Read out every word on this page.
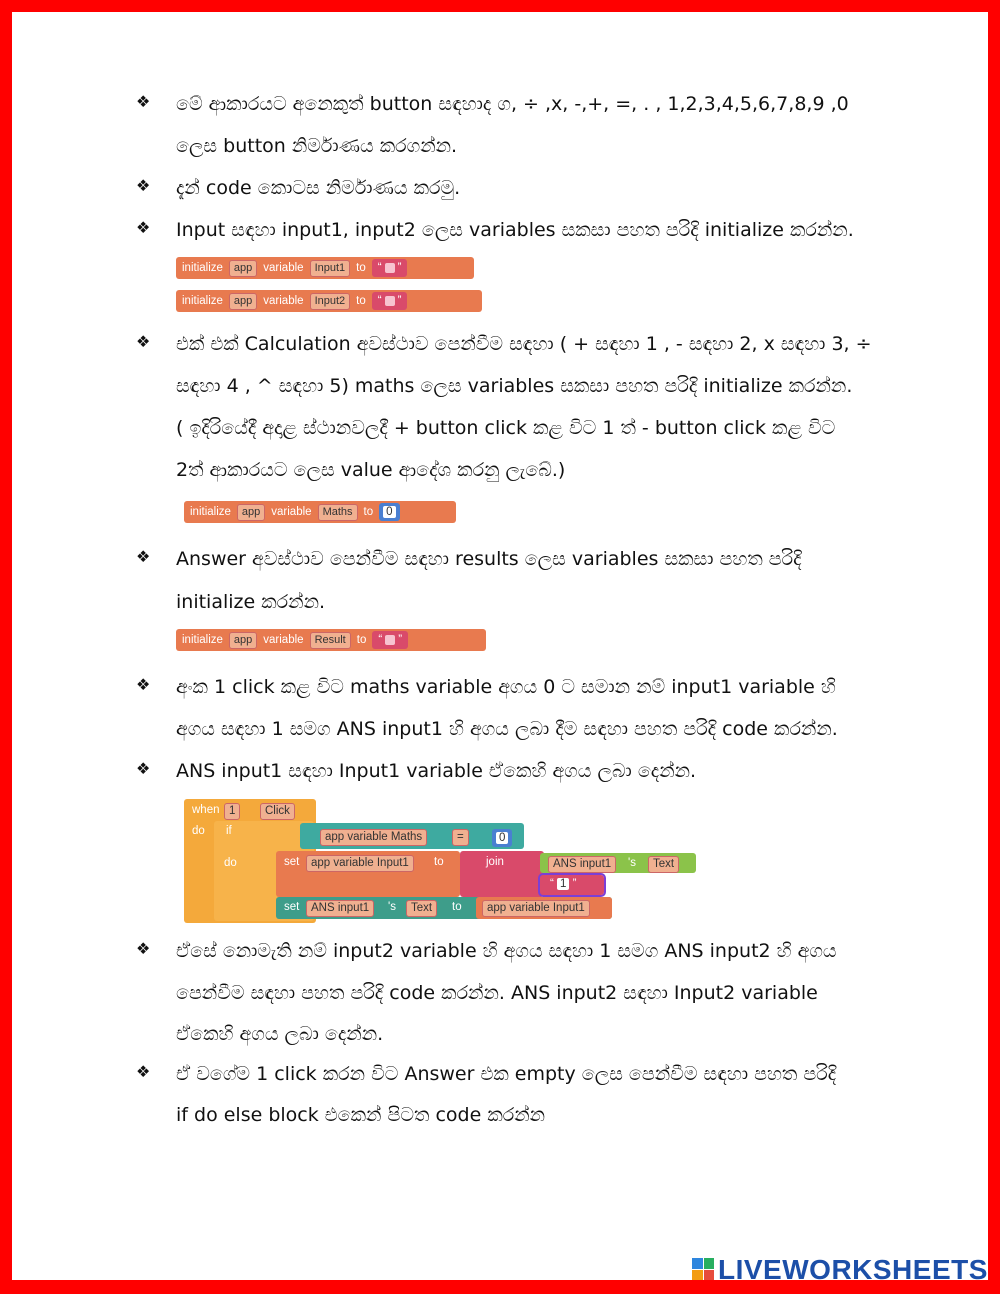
❖ මේ ආකාරයට අනෙකුත් button සඳහාද ග, ÷ ,x, -,+, =, . , 1,2,3,4,5,6,7,8,9 ,0
ලෙස button නිර්මාණය කරගන්න.
❖ දැන් code කොටස නිර්මාණය කරමු.
❖ Input සඳහා input1, input2 ලෙස variables සකසා පහත පරිදි initialize කරන්න.
initialize	app variable	Input1 to “ ”
initialize	app variable	Input2 to “ ”
❖ එක් එක් Calculation අවස්ථාව පෙන්වීම සඳහා ( + සඳහා 1 , - සඳහා 2, x සඳහා 3, ÷
සඳහා 4 , ^ සඳහා 5) maths ලෙස variables සකසා පහත පරිදි initialize කරන්න.
( ඉදිරියේදී අදාළ ස්ථානවලදී + button click කළ විට 1 ත් - button click කළ විට
2ත් ආකාරයට ලෙස value ආදේශ කරනු ලැබේ.)
initialize	app variable	Maths to	0
❖ Answer අවස්ථාව පෙන්වීම සඳහා results ලෙස variables සකසා පහත පරිදි
initialize කරන්න.
initialize	app variable	Result to “ ”
❖ අංක 1 click කළ විට maths variable අගය 0 ට සමාන නම් input1 variable හි
අගය සඳහා 1 සමග ANS input1 හි අගය ලබා දීම සඳහා පහත පරිදි code කරන්න.
❖ ANS input1 සඳහා Input1 variable ඒකෙහි අගය ලබා දෙන්න.
when 1	Click
do if
do
app variable Maths	=	0
set	app variable Input1	to	join	ANS input1	's	Text
“ 1 ”
set	ANS input1	's	Text	to	app variable Input1
❖ ඒසේ නොමැති නම් input2 variable හි අගය සඳහා 1 සමග ANS input2 හි අගය
පෙන්වීම සඳහා පහත පරිදි code කරන්න. ANS input2 සඳහා Input2 variable
ඒකෙහි අගය ලබා දෙන්න.
❖ ඒ වගේම 1 click කරන විට Answer එක empty ලෙස පෙන්වීම සඳහා පහත පරිදි
if do else block එකෙන් පිටත code කරන්න
LIVEWORKSHEETS
